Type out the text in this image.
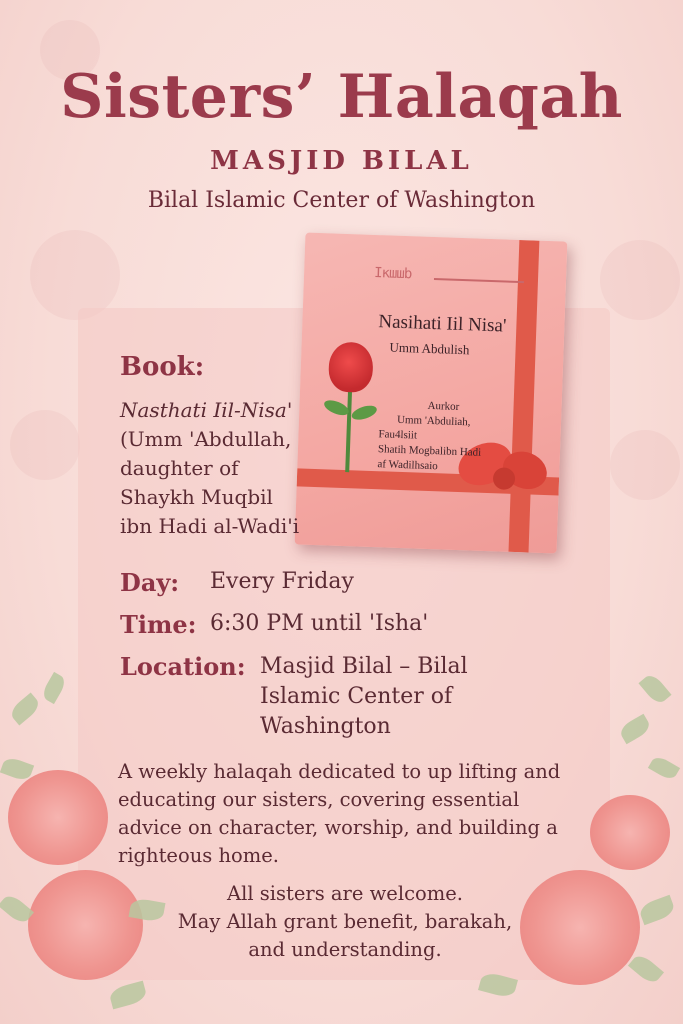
Sisters’ Halaqah
MASJID BILAL
Bilal Islamic Center of Washington
Iкшшb
Nasihati Iil Nisa'
Umm Abdulish
Aurkor
Umm 'Abduliah,
Fau4lsiit
Shatih Mogbalibn Hadi
af Wadilhsaio
Book:
Nasthati Iil-Nisa'
(Umm 'Abdullah,
daughter of
Shaykh Muqbil
ibn Hadi al-Wadi'i
Day: Every Friday
Time: 6:30 PM until 'Isha'
Location: Masjid Bilal – Bilal
Islamic Center of
Washington
A weekly halaqah dedicated to up lifting and educating our sisters, covering essential advice on character, worship, and building a righteous home.
All sisters are welcome.
May Allah grant benefit, barakah,
and understanding.
